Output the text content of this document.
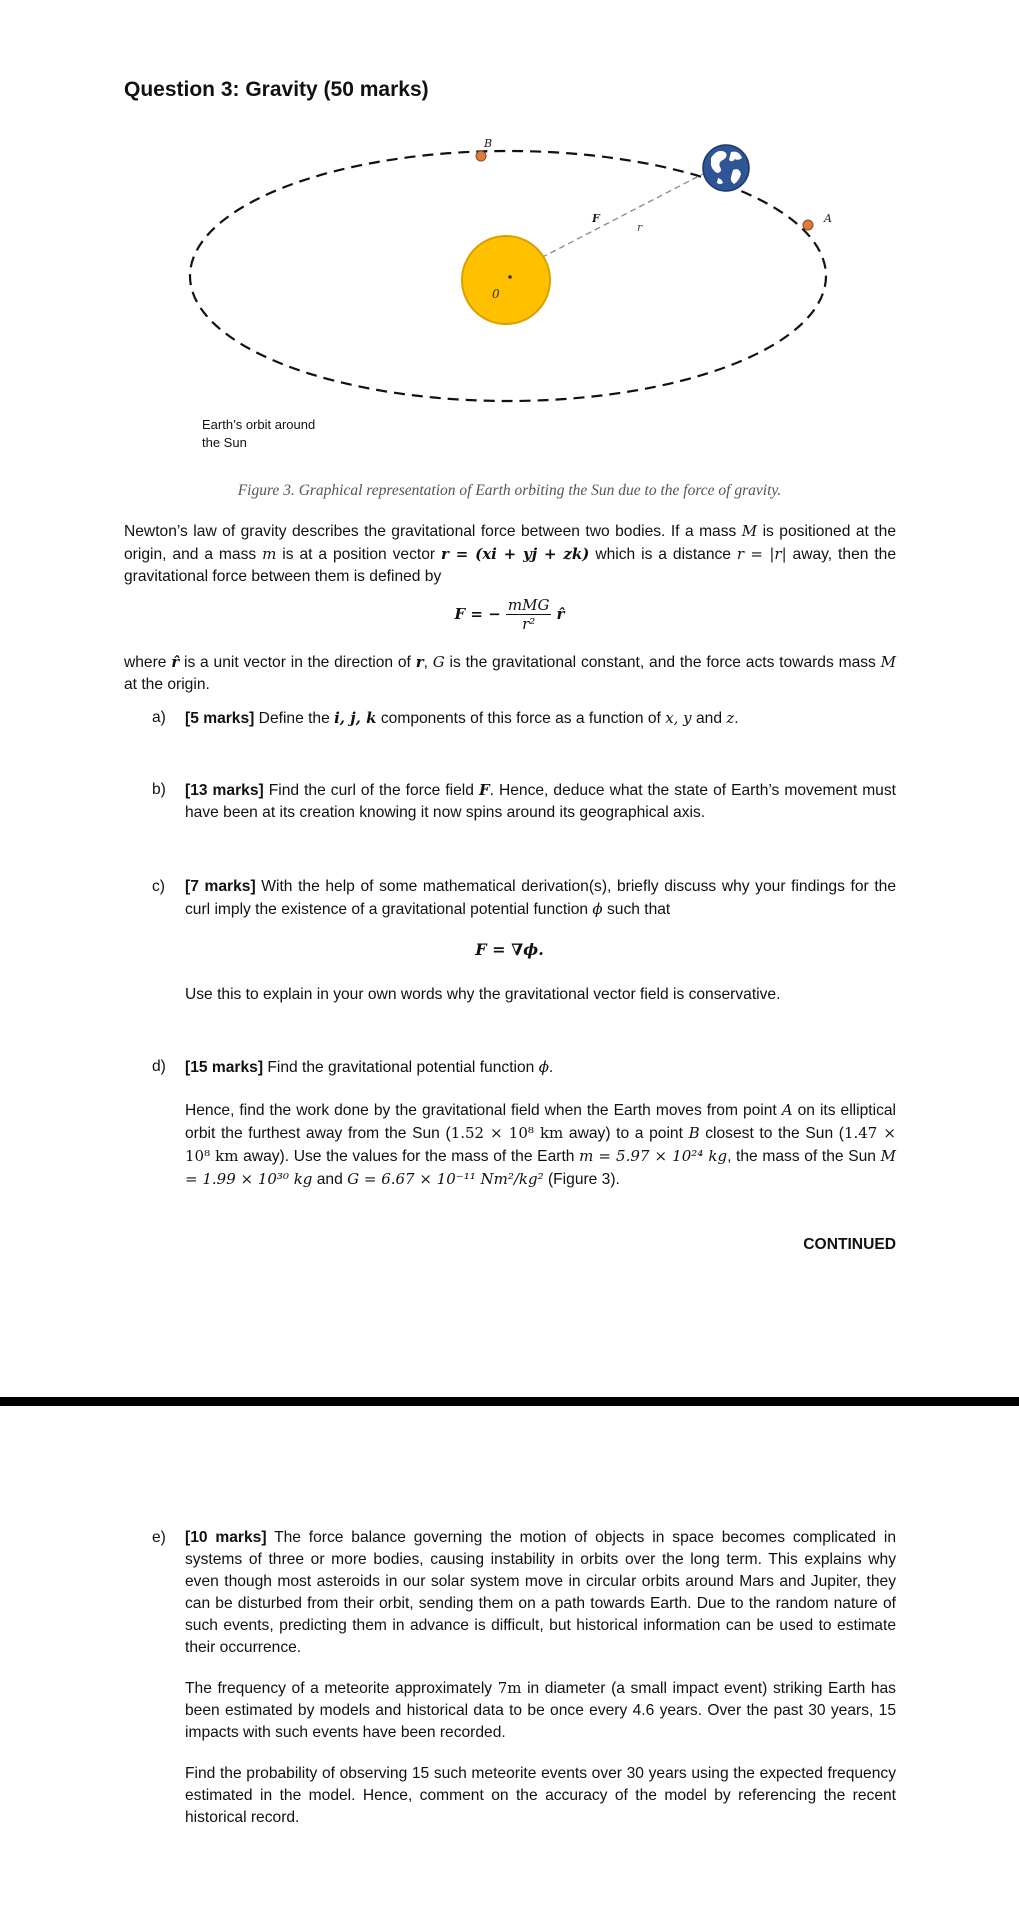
Question 3: Gravity (50 marks)
0
F
r
B
A
Earth’s orbit around
the Sun
Figure 3. Graphical representation of Earth orbiting the Sun due to the force of gravity.
Newton’s law of gravity describes the gravitational force between two bodies. If a mass M is positioned at the origin, and a mass m is at a position vector r = (xi + yj + zk) which is a distance r = |r| away, then the gravitational force between them is defined by
F = − $\frac{\text{mMG}}{\text{r²}}$ r̂
where r̂ is a unit vector in the direction of r, G is the gravitational constant, and the force acts towards mass M at the origin.
a) [5 marks] Define the i, j, k components of this force as a function of x, y and z.
b) [13 marks] Find the curl of the force field F. Hence, deduce what the state of Earth’s movement must have been at its creation knowing it now spins around its geographical axis.
c) [7 marks] With the help of some mathematical derivation(s), briefly discuss why your findings for the curl imply the existence of a gravitational potential function ϕ such that
F = ∇ϕ.
Use this to explain in your own words why the gravitational vector field is conservative.
d) [15 marks] Find the gravitational potential function ϕ.
Hence, find the work done by the gravitational field when the Earth moves from point A on its elliptical orbit the furthest away from the Sun (1.52 × 10⁸ km away) to a point B closest to the Sun (1.47 × 10⁸ km away). Use the values for the mass of the Earth m = 5.97 × 10²⁴ kg, the mass of the Sun M = 1.99 × 10³⁰ kg and G = 6.67 × 10⁻¹¹ Nm²/kg² (Figure 3).
CONTINUED
e) [10 marks] The force balance governing the motion of objects in space becomes complicated in systems of three or more bodies, causing instability in orbits over the long term. This explains why even though most asteroids in our solar system move in circular orbits around Mars and Jupiter, they can be disturbed from their orbit, sending them on a path towards Earth. Due to the random nature of such events, predicting them in advance is difficult, but historical information can be used to estimate their occurrence.
The frequency of a meteorite approximately 7m in diameter (a small impact event) striking Earth has been estimated by models and historical data to be once every 4.6 years. Over the past 30 years, 15 impacts with such events have been recorded.
Find the probability of observing 15 such meteorite events over 30 years using the expected frequency estimated in the model. Hence, comment on the accuracy of the model by referencing the recent historical record.
